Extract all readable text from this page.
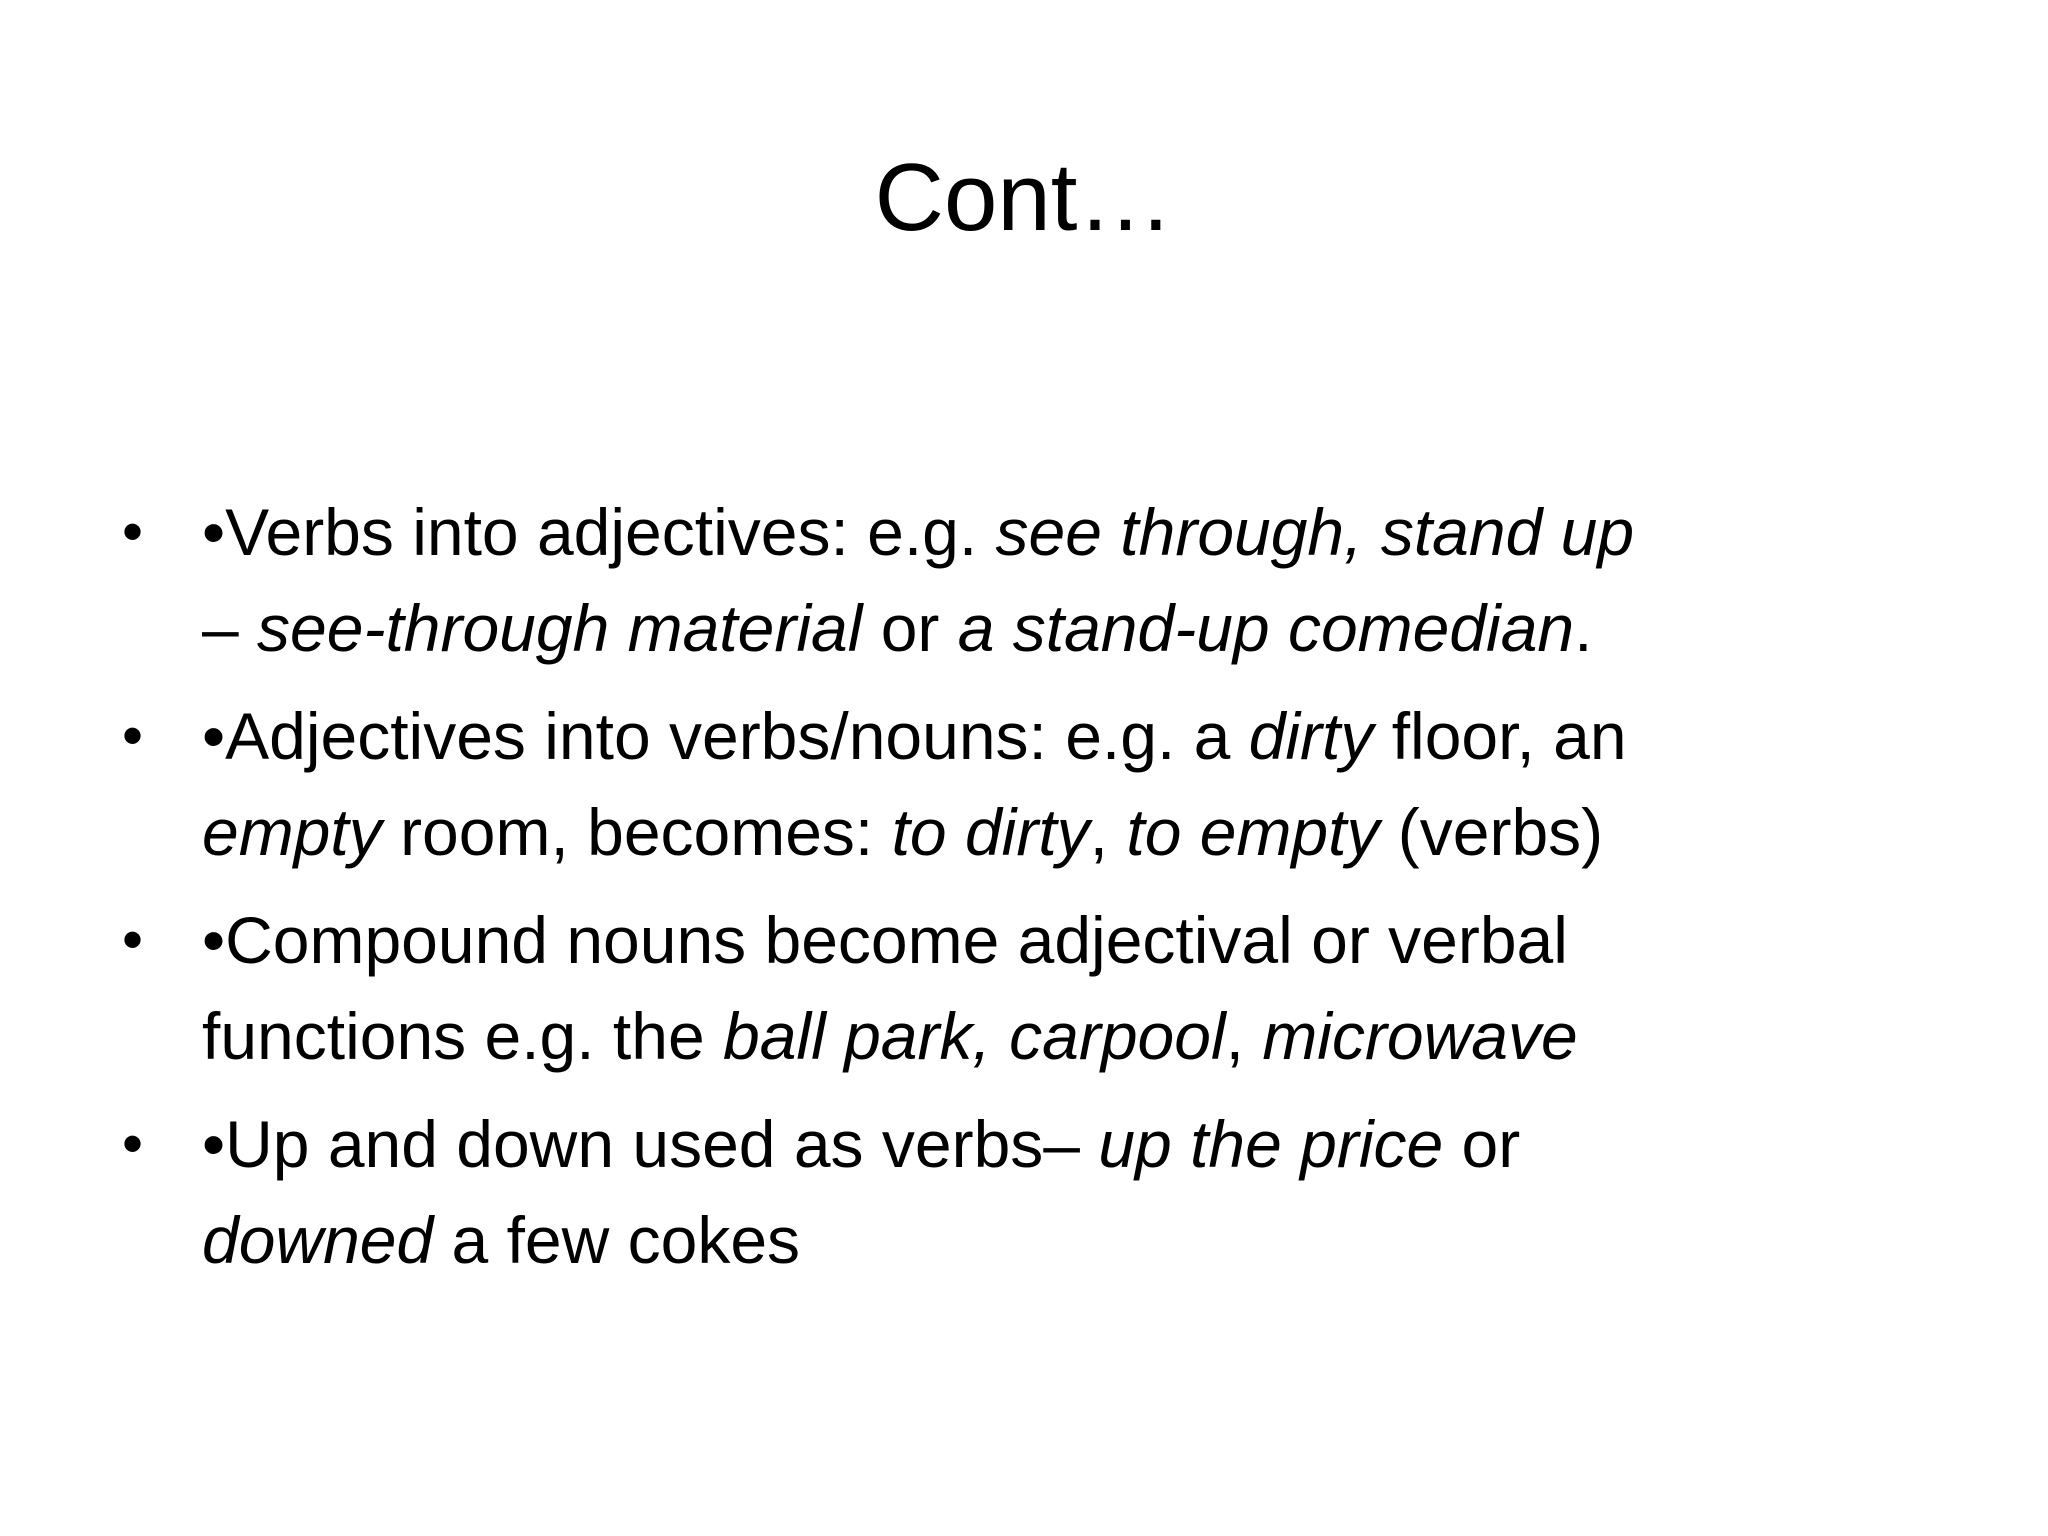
Cont…
• •Verbs into adjectives: e.g. see through, stand up
– see-through material or a stand-up comedian.
• •Adjectives into verbs/nouns: e.g. a dirty floor, an
empty room, becomes: to dirty, to empty (verbs)
• •Compound nouns become adjectival or verbal
functions e.g. the ball park, carpool, microwave
• •Up and down used as verbs– up the price or
downed a few cokes
